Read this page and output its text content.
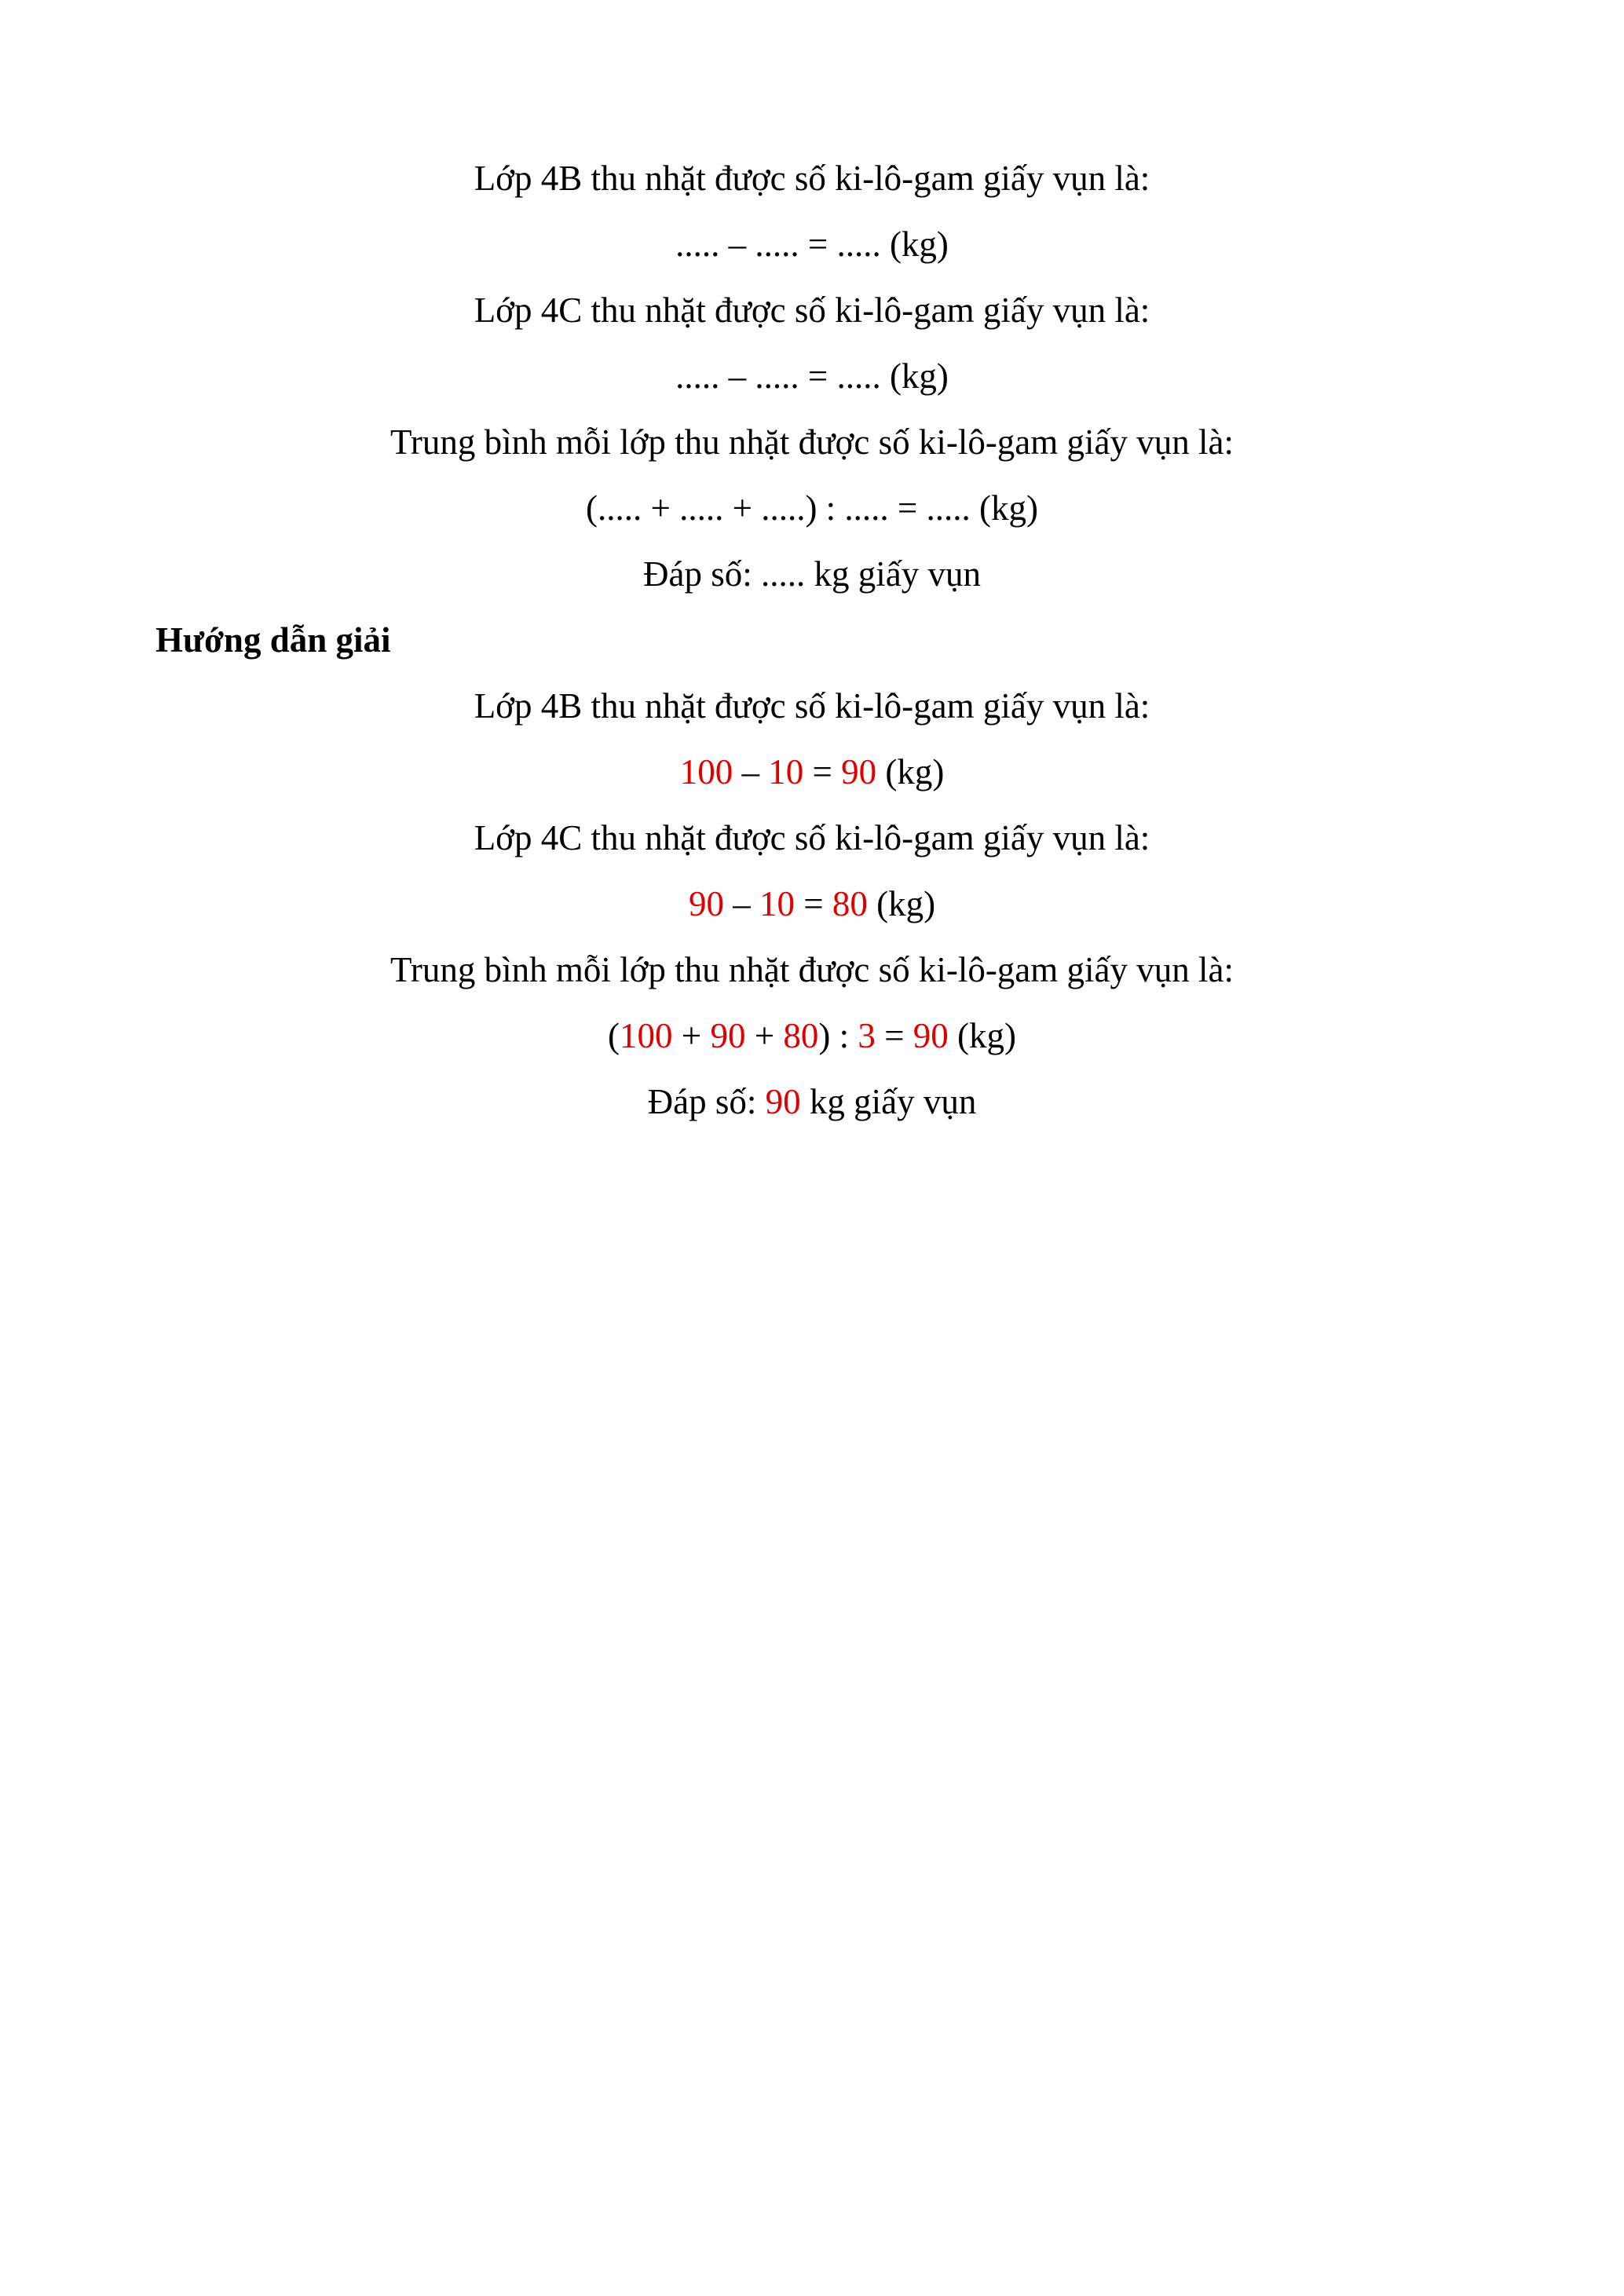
Lớp 4B thu nhặt được số ki-lô-gam giấy vụn là:
..... – ..... = ..... (kg)
Lớp 4C thu nhặt được số ki-lô-gam giấy vụn là:
..... – ..... = ..... (kg)
Trung bình mỗi lớp thu nhặt được số ki-lô-gam giấy vụn là:
(..... + ..... + .....) : ..... = ..... (kg)
Đáp số: ..... kg giấy vụn
Hướng dẫn giải
Lớp 4B thu nhặt được số ki-lô-gam giấy vụn là:
100 – 10 = 90 (kg)
Lớp 4C thu nhặt được số ki-lô-gam giấy vụn là:
90 – 10 = 80 (kg)
Trung bình mỗi lớp thu nhặt được số ki-lô-gam giấy vụn là:
(100 + 90 + 80) : 3 = 90 (kg)
Đáp số: 90 kg giấy vụn
